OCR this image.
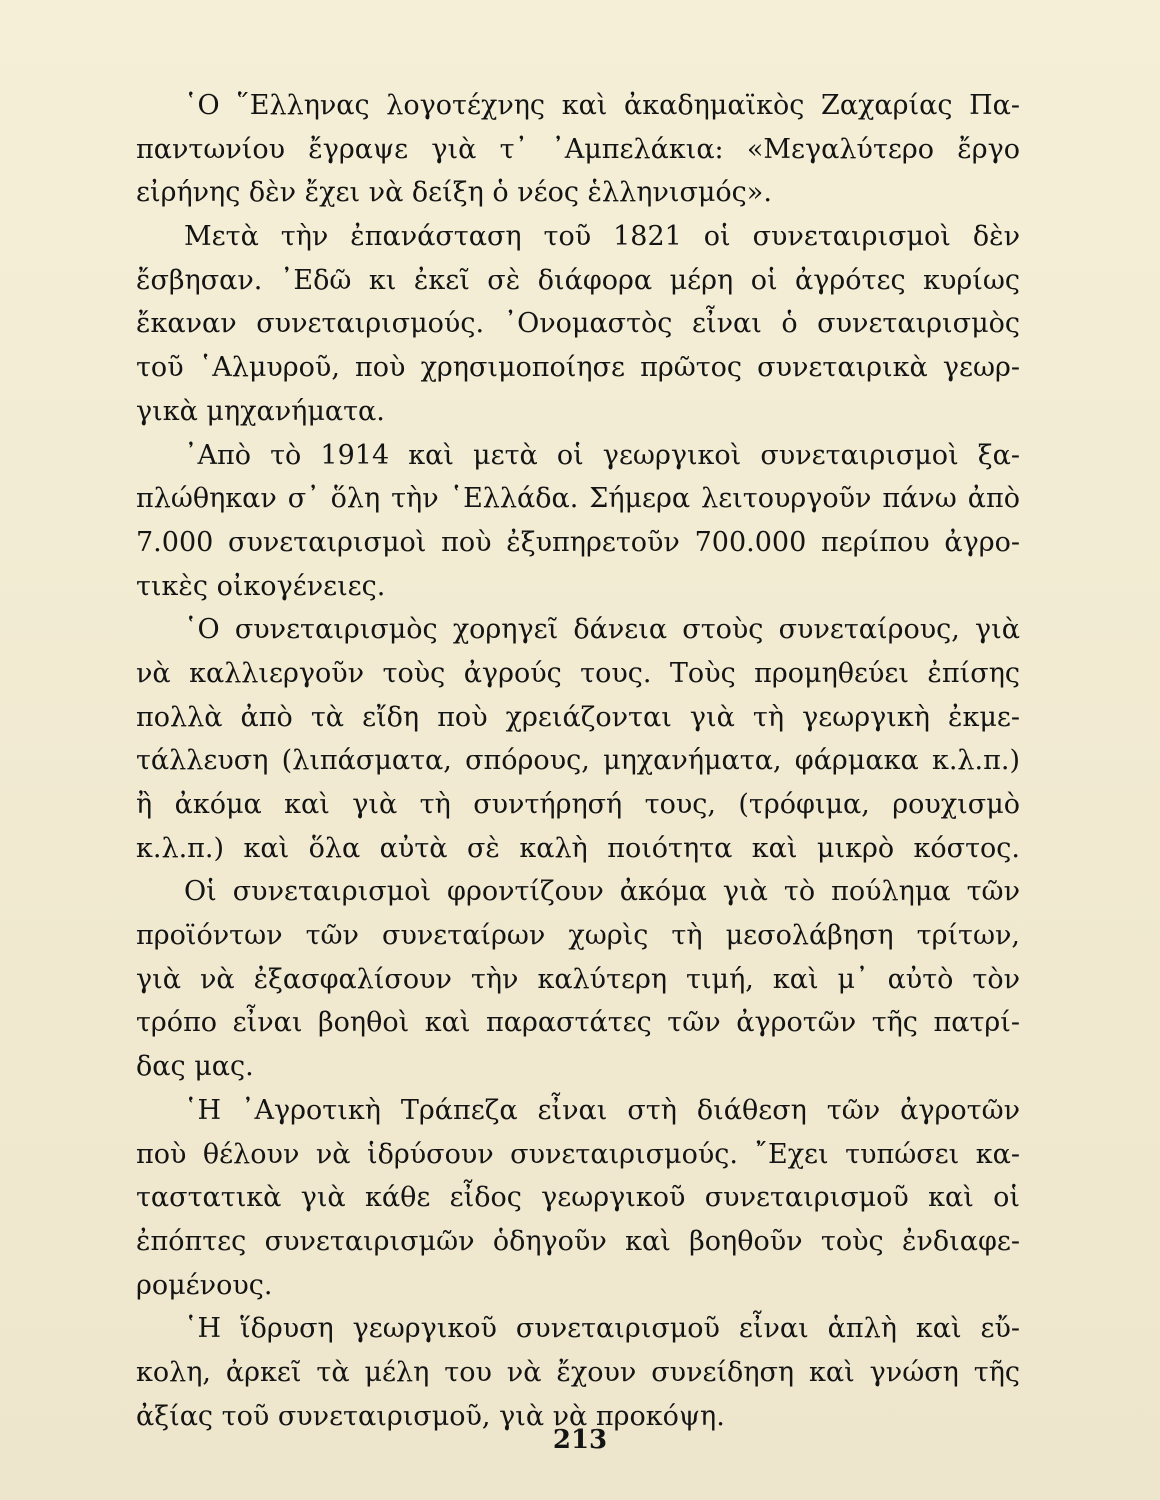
῾Ο ῞Ελληνας λογοτέχνης καὶ ἀκαδημαϊκὸς Ζαχαρίας Πα-
παντωνίου ἔγραψε γιὰ τ᾽ ᾽Αμπελάκια: «Μεγαλύτερο ἔργο
εἰρήνης δὲν ἔχει νὰ δείξη ὁ νέος ἑλληνισμός».
Μετὰ τὴν ἐπανάσταση τοῦ 1821 οἱ συνεταιρισμοὶ δὲν
ἔσβησαν. ᾽Εδῶ κι ἐκεῖ σὲ διάφορα μέρη οἱ ἀγρότες κυρίως
ἔκαναν συνεταιρισμούς. ᾽Ονομαστὸς εἶναι ὁ συνεταιρισμὸς
τοῦ ῾Αλμυροῦ, ποὺ χρησιμοποίησε πρῶτος συνεταιρικὰ γεωρ-
γικὰ μηχανήματα.
᾽Απὸ τὸ 1914 καὶ μετὰ οἱ γεωργικοὶ συνεταιρισμοὶ ξα-
πλώθηκαν σ᾽ ὅλη τὴν ῾Ελλάδα. Σήμερα λειτουργοῦν πάνω ἀπὸ
7.000 συνεταιρισμοὶ ποὺ ἐξυπηρετοῦν 700.000 περίπου ἀγρο-
τικὲς οἰκογένειες.
῾Ο συνεταιρισμὸς χορηγεῖ δάνεια στοὺς συνεταίρους, γιὰ
νὰ καλλιεργοῦν τοὺς ἀγρούς τους. Τοὺς προμηθεύει ἐπίσης
πολλὰ ἀπὸ τὰ εἴδη ποὺ χρειάζονται γιὰ τὴ γεωργικὴ ἐκμε-
τάλλευση (λιπάσματα, σπόρους, μηχανήματα, φάρμακα κ.λ.π.)
ἢ ἀκόμα καὶ γιὰ τὴ συντήρησή τους, (τρόφιμα, ρουχισμὸ
κ.λ.π.) καὶ ὅλα αὐτὰ σὲ καλὴ ποιότητα καὶ μικρὸ κόστος.
Οἱ συνεταιρισμοὶ φροντίζουν ἀκόμα γιὰ τὸ πούλημα τῶν
προϊόντων τῶν συνεταίρων χωρὶς τὴ μεσολάβηση τρίτων,
γιὰ νὰ ἐξασφαλίσουν τὴν καλύτερη τιμή, καὶ μ᾽ αὐτὸ τὸν
τρόπο εἶναι βοηθοὶ καὶ παραστάτες τῶν ἀγροτῶν τῆς πατρί-
δας μας.
῾Η ᾽Αγροτικὴ Τράπεζα εἶναι στὴ διάθεση τῶν ἀγροτῶν
ποὺ θέλουν νὰ ἱδρύσουν συνεταιρισμούς. ῎Εχει τυπώσει κα-
ταστατικὰ γιὰ κάθε εἶδος γεωργικοῦ συνεταιρισμοῦ καὶ οἱ
ἐπόπτες συνεταιρισμῶν ὁδηγοῦν καὶ βοηθοῦν τοὺς ἐνδιαφε-
ρομένους.
῾Η ἵδρυση γεωργικοῦ συνεταιρισμοῦ εἶναι ἁπλὴ καὶ εὔ-
κολη, ἀρκεῖ τὰ μέλη του νὰ ἔχουν συνείδηση καὶ γνώση τῆς
ἀξίας τοῦ συνεταιρισμοῦ, γιὰ νὰ προκόψη.
213
